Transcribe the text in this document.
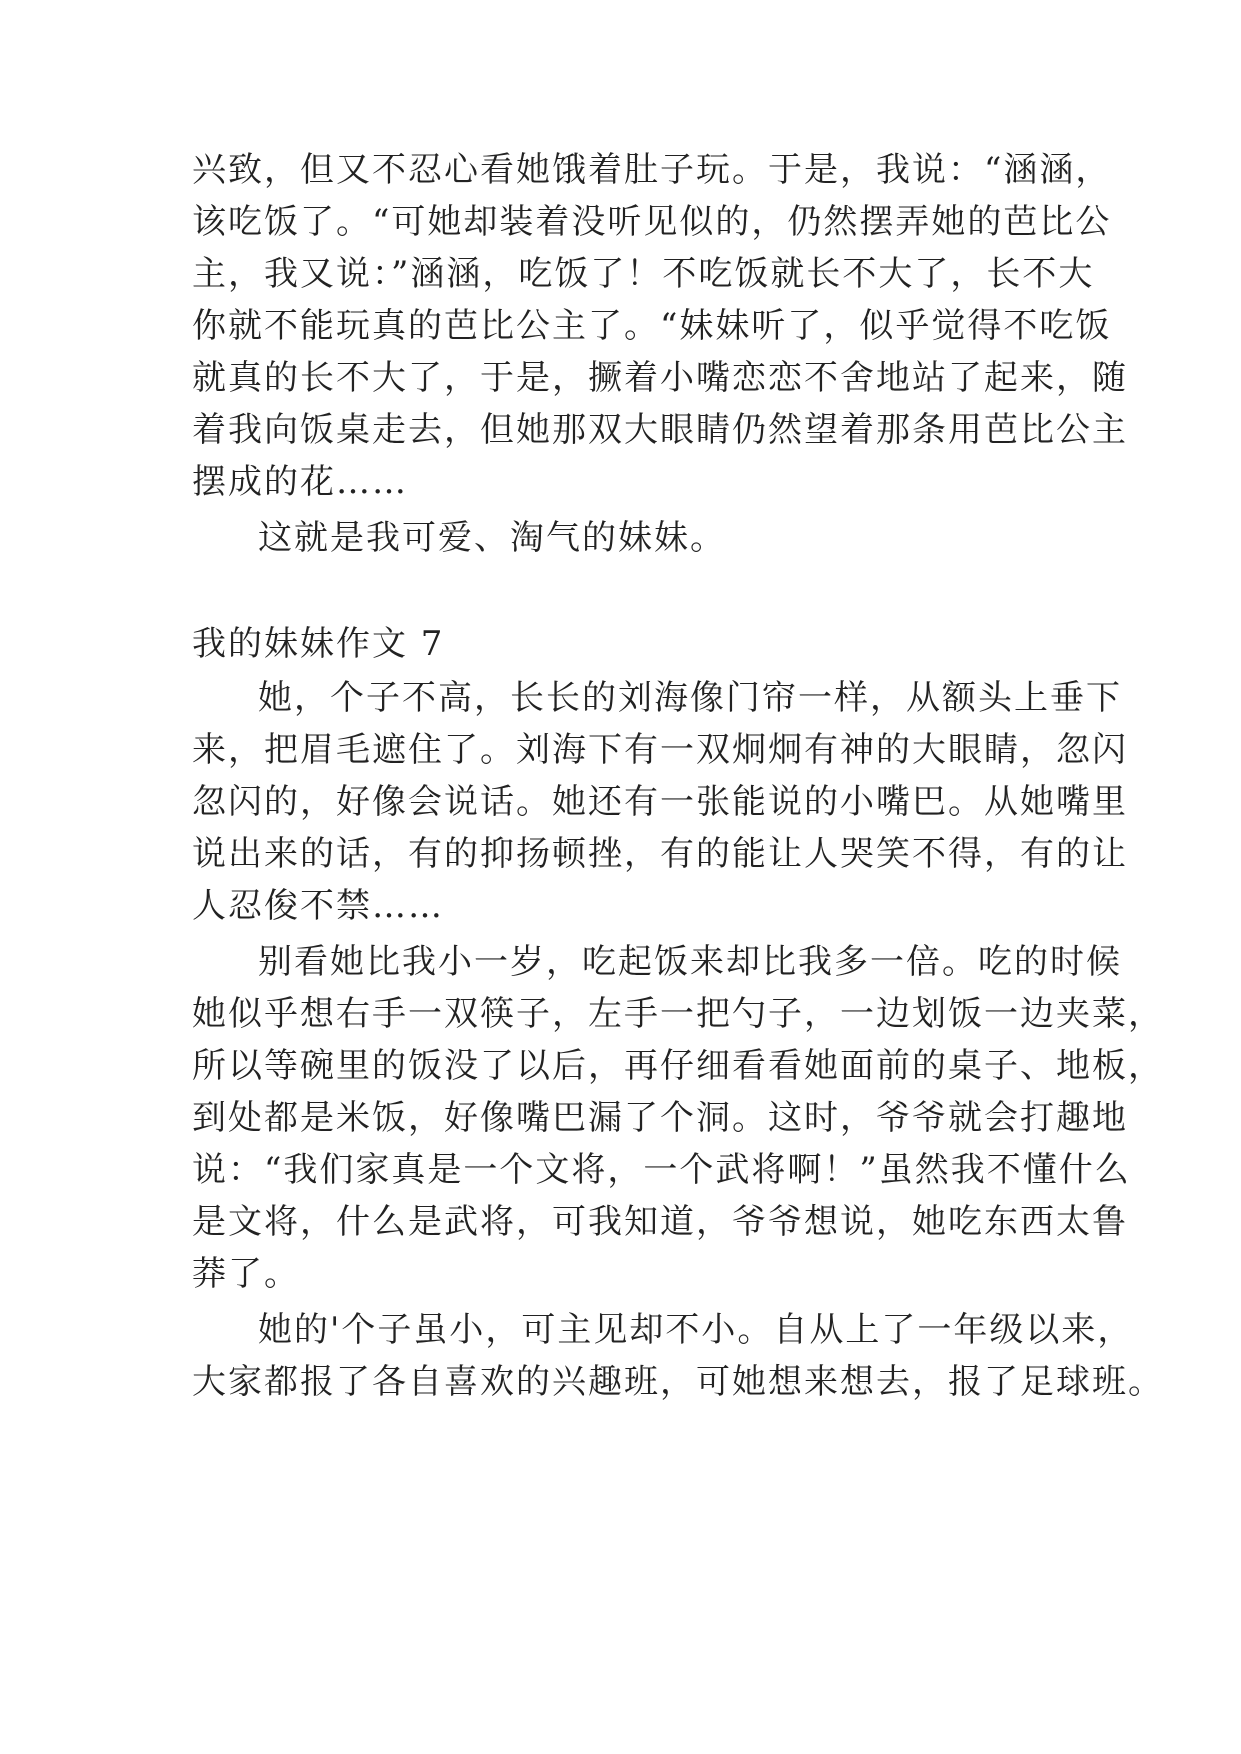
兴致，但又不忍心看她饿着肚子玩。于是，我说：“涵涵，
该吃饭了。“可她却装着没听见似的，仍然摆弄她的芭比公
主，我又说：”涵涵，吃饭了！不吃饭就长不大了，长不大
你就不能玩真的芭比公主了。“妹妹听了，似乎觉得不吃饭
就真的长不大了，于是，撅着小嘴恋恋不舍地站了起来，随
着我向饭桌走去，但她那双大眼睛仍然望着那条用芭比公主
摆成的花……
这就是我可爱、淘气的妹妹。
我的妹妹作文 7
她，个子不高，长长的刘海像门帘一样，从额头上垂下
来，把眉毛遮住了。刘海下有一双炯炯有神的大眼睛，忽闪
忽闪的，好像会说话。她还有一张能说的小嘴巴。从她嘴里
说出来的话，有的抑扬顿挫，有的能让人哭笑不得，有的让
人忍俊不禁……
别看她比我小一岁，吃起饭来却比我多一倍。吃的时候
她似乎想右手一双筷子，左手一把勺子，一边划饭一边夹菜，
所以等碗里的饭没了以后，再仔细看看她面前的桌子、地板，
到处都是米饭，好像嘴巴漏了个洞。这时，爷爷就会打趣地
说：“我们家真是一个文将，一个武将啊！”虽然我不懂什么
是文将，什么是武将，可我知道，爷爷想说，她吃东西太鲁
莽了。
她的'个子虽小，可主见却不小。自从上了一年级以来，
大家都报了各自喜欢的兴趣班，可她想来想去，报了足球班。
